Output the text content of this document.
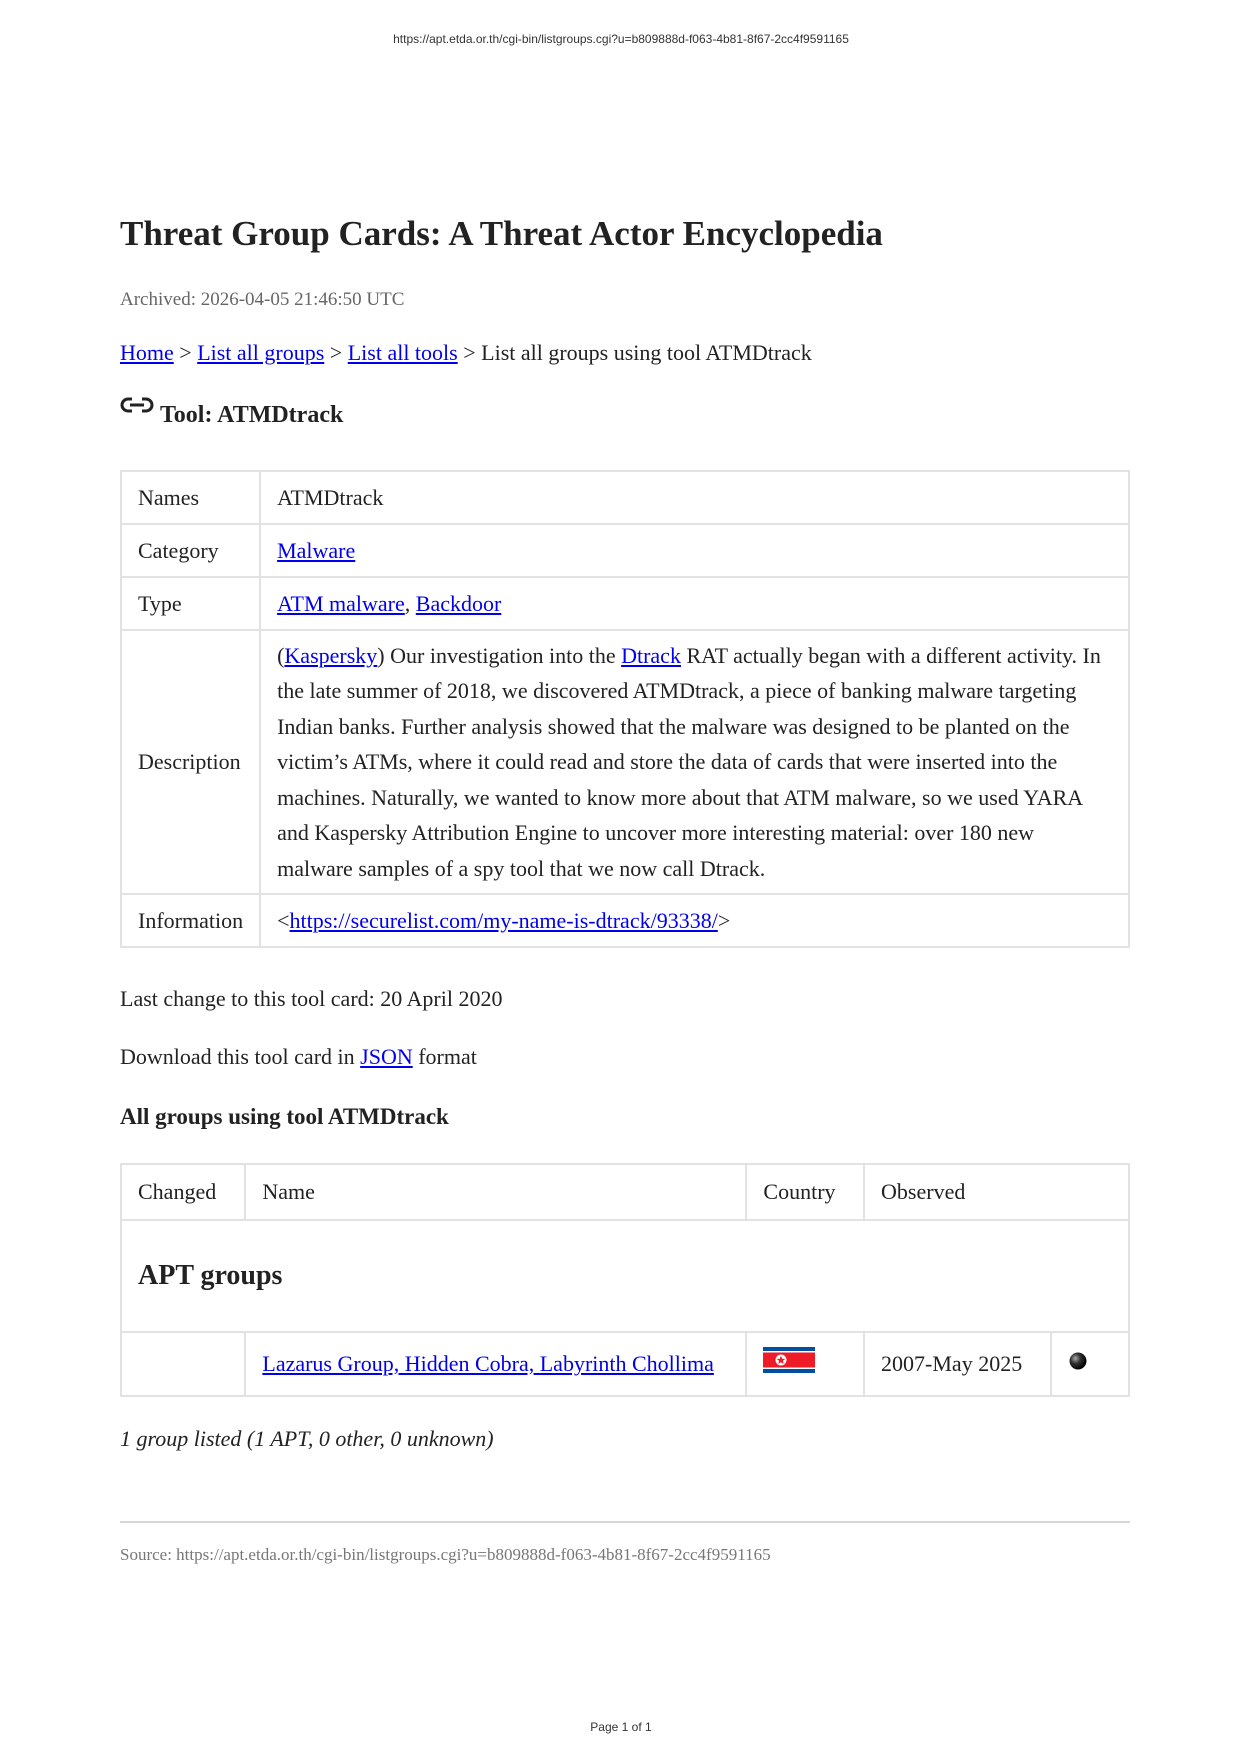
https://apt.etda.or.th/cgi-bin/listgroups.cgi?u=b809888d-f063-4b81-8f67-2cc4f9591165
Threat Group Cards: A Threat Actor Encyclopedia
Archived: 2026-04-05 21:46:50 UTC
Home > List all groups > List all tools > List all groups using tool ATMDtrack
Tool: ATMDtrack
Names	ATMDtrack
Category	Malware
Type	ATM malware, Backdoor
Description	(Kaspersky) Our investigation into the Dtrack RAT actually began with a different activity. In the late summer of 2018, we discovered ATMDtrack, a piece of banking malware targeting Indian banks. Further analysis showed that the malware was designed to be planted on the victim’s ATMs, where it could read and store the data of cards that were inserted into the machines. Naturally, we wanted to know more about that ATM malware, so we used YARA and Kaspersky Attribution Engine to uncover more interesting material: over 180 new malware samples of a spy tool that we now call Dtrack.
Information	<https://securelist.com/my-name-is-dtrack/93338/>
Last change to this tool card: 20 April 2020
Download this tool card in JSON format
All groups using tool ATMDtrack
Changed	Name	Country	Observed	
APT groups				
	Lazarus Group, Hidden Cobra, Labyrinth Chollima		2007-May 2025	
1 group listed (1 APT, 0 other, 0 unknown)
Source: https://apt.etda.or.th/cgi-bin/listgroups.cgi?u=b809888d-f063-4b81-8f67-2cc4f9591165
Page 1 of 1
